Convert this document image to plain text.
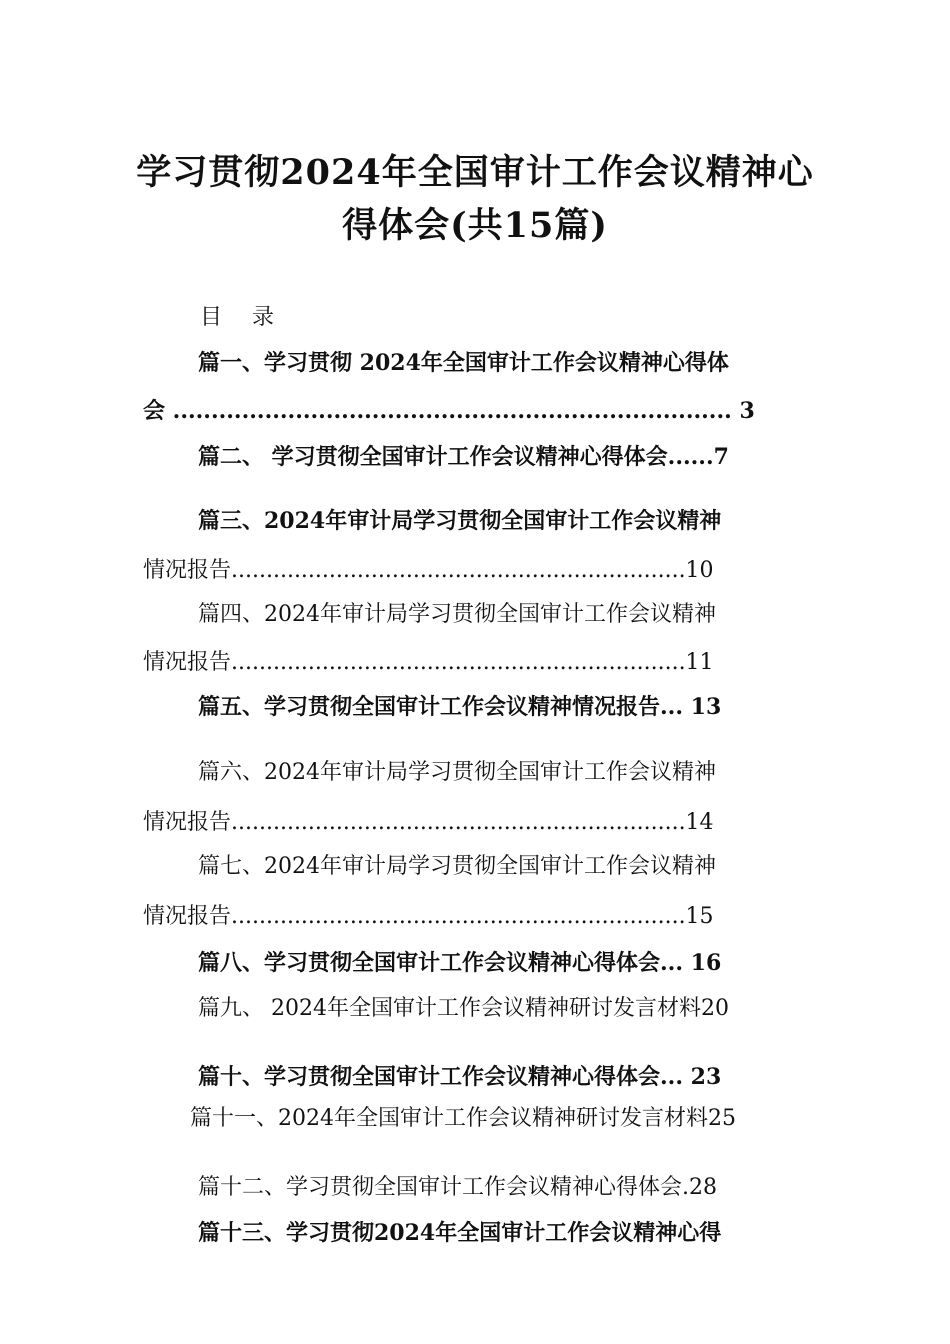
学习贯彻2024年全国审计工作会议精神心
得体会(共15篇)
目　录
篇一、学习贯彻 2024年全国审计工作会议精神心得体
会 ......................................................................... 3
篇二、 学习贯彻全国审计工作会议精神心得体会......7
篇三、2024年审计局学习贯彻全国审计工作会议精神
情况报告.................................................................10
篇四、2024年审计局学习贯彻全国审计工作会议精神
情况报告.................................................................11
篇五、学习贯彻全国审计工作会议精神情况报告... 13
篇六、2024年审计局学习贯彻全国审计工作会议精神
情况报告.................................................................14
篇七、2024年审计局学习贯彻全国审计工作会议精神
情况报告.................................................................15
篇八、学习贯彻全国审计工作会议精神心得体会... 16
篇九、 2024年全国审计工作会议精神研讨发言材料20
篇十、学习贯彻全国审计工作会议精神心得体会... 23
篇十一、2024年全国审计工作会议精神研讨发言材料25
篇十二、学习贯彻全国审计工作会议精神心得体会.28
篇十三、学习贯彻2024年全国审计工作会议精神心得
